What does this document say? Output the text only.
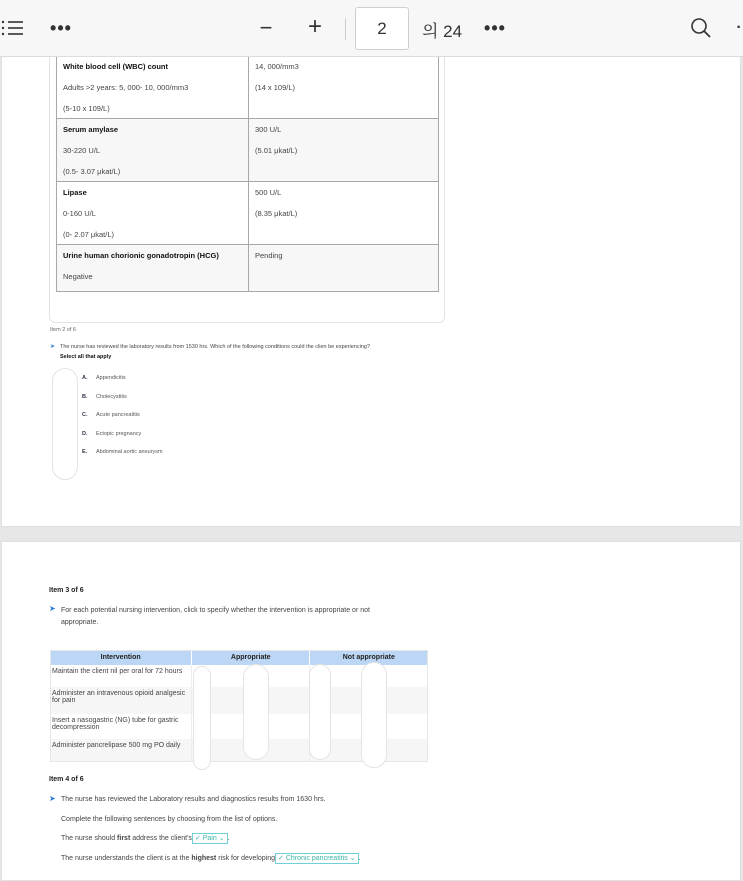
•••	− +
2	의 24 •••	·
White blood cell (WBC) count
Adults >2 years: 5, 000- 10, 000/mm3
(5-10 x 109/L)	14, 000/mm3
(14 x 109/L)

Serum amylase
30-220 U/L
(0.5- 3.07 μkat/L)	300 U/L
(5.01 μkat/L)

Lipase
0-160 U/L
(0- 2.07 μkat/L)	500 U/L
(8.35 μkat/L)

Urine human chorionic gonadotropin (HCG)
Negative	Pending
Item 2 of 6
➤ The nurse has reviewed the laboratory results from 1530 hrs. Which of the following conditions could the clien be experiencing? Select all that apply
A.	Appendicitis
B.	Cholecystitis
C.	Acute pancreatitis
D.	Ectopic pregnancy
E.	Abdominal aortic aneurysm
Item 3 of 6
➤ For each potential nursing intervention, click to specify whether the intervention is appropriate or not appropriate.
Intervention	Appropriate	Not appropriate
Maintain the client nil per oral for 72 hours		
Administer an intravenous opioid analgesic for pain		
Insert a nasogastric (NG) tube for gastric decompression		
Administer pancrelipase 500 mg PO daily		
Item 4 of 6
➤ The nurse has reviewed the Laboratory results and diagnostics results from 1630 hrs.
Complete the following sentences by choosing from the list of options.
The nurse should first address the client's ✓ Pain ⌄ .
The nurse understands the client is at the highest risk for developing ✓ Chronic pancreatitis ⌄ .
